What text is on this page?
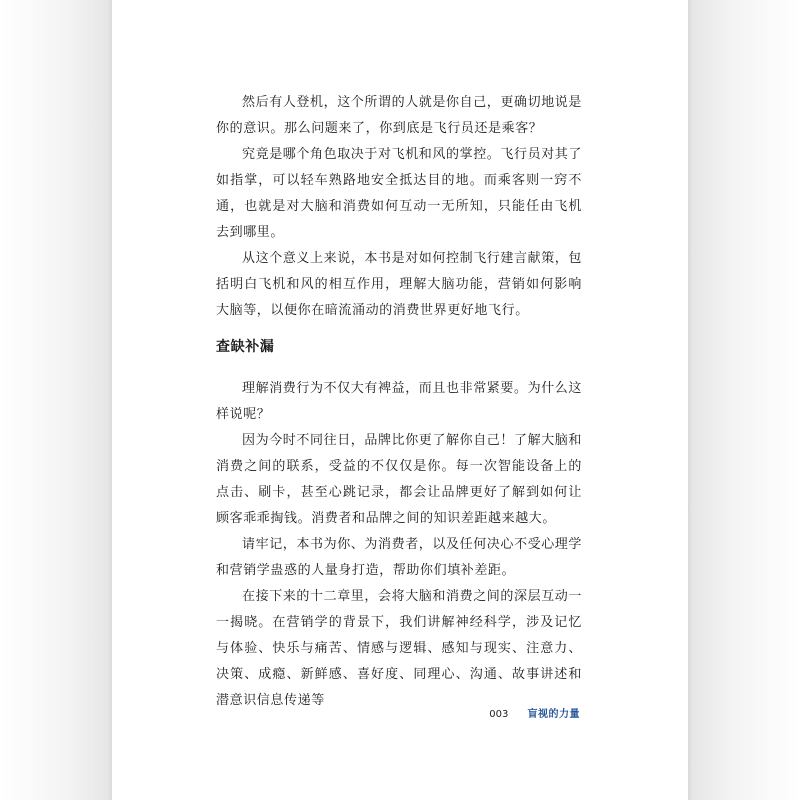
然后有人登机，这个所谓的人就是你自己，更确切地说是你的意识。那么问题来了，你到底是飞行员还是乘客？

究竟是哪个角色取决于对飞机和风的掌控。飞行员对其了如指掌，可以轻车熟路地安全抵达目的地。而乘客则一窍不通，也就是对大脑和消费如何互动一无所知，只能任由飞机去到哪里。

从这个意义上来说，本书是对如何控制飞行建言献策，包括明白飞机和风的相互作用，理解大脑功能，营销如何影响大脑等，以便你在暗流涌动的消费世界更好地飞行。

查缺补漏

理解消费行为不仅大有裨益，而且也非常紧要。为什么这样说呢？

因为今时不同往日，品牌比你更了解你自己！了解大脑和消费之间的联系，受益的不仅仅是你。每一次智能设备上的点击、刷卡，甚至心跳记录，都会让品牌更好了解到如何让顾客乖乖掏钱。消费者和品牌之间的知识差距越来越大。

请牢记，本书为你、为消费者，以及任何决心不受心理学和营销学蛊惑的人量身打造，帮助你们填补差距。

在接下来的十二章里，会将大脑和消费之间的深层互动一一揭晓。在营销学的背景下，我们讲解神经科学，涉及记忆与体验、快乐与痛苦、情感与逻辑、感知与现实、注意力、决策、成瘾、新鲜感、喜好度、同理心、沟通、故事讲述和潜意识信息传递等

003 盲视的力量
